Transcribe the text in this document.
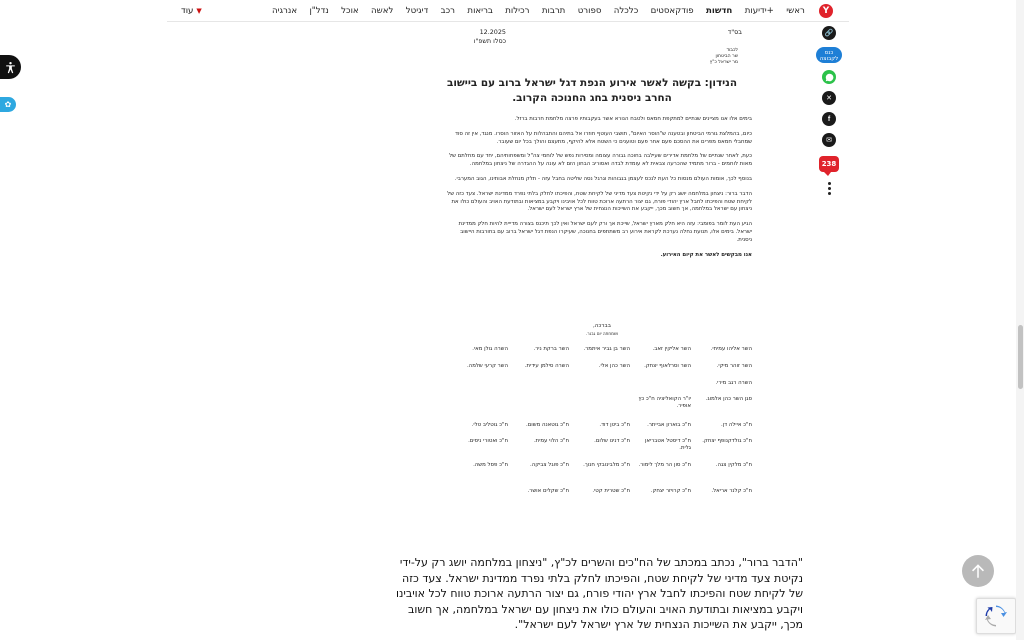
Y
ראשי
ידיעות+
חדשות
פודקאסטים
כלכלה
ספורט
תרבות
רכילות
בריאות
רכב
דיגיטל
לאשה
אוכל
נדל"ן
אנרגיה
עוד ▼
✿
🔗
כנס לקבוצה
✕
f
✉
238
12.2025
כסלו תשפ"ו
בס"ד
לכבוד
שר הביטחון
מר ישראל כ"ץ
הנידון: בקשה לאשר אירוע הנפת דגל ישראל ברוב עם ביישוב
החרב ניסנית בחג החנוכה הקרוב.

בימים אלו אנו מציינים שנתיים למתקפת חמאס ולטבח הנורא אשר בעקבותיו פרצה מלחמת חרבות ברזל.

כיום, בהמלצת גורמי הביטחון ובטענה ש"הוסר האיום", תושבי העוטף חוזרו אל בתיהם והתבהלות על האזור הוסרו. מנגד, אין זה סוד שמחבלי חמאס מפרים את ההסכם פעם אחר פעם וטוענים כי השטח אלא להיקף, מתעצם והולך בכל יום שעובר.

כעת, לאחר שנתיים של מלחמת אדירים שעילבה בחוכה גבורה עצומה ומסירות נפש של לוחמי צה"ל ומשפחותיהם, יחד עם מחלתם של מאות לוחמים - ברור מתמיד שהכרעה צבאית לא עומדת לבדה ואסוריב הבחון הזם לא עונה על ההגדרה של ניצחון במלחמה.

בנוסף לכך, אומות העולם מנסות כל העת לנכס לעצמן בגבוהות וגרגל נסה שליטה בחבל עזה - תלק מנחלת אבותינו, הגוב המערבי.

הדבר ברור: ניצחון במלחמה יושג רק על ידי נקיטת צעד מדיני של לקיחת שטח, והפיכתו לחלק בלתי נפרד ממדינת ישראל. צעד כזה של לקיחת שטח והפיכתו לחבל ארץ יהודי פורח, גם יצור הרתעה ארוכת טווח לכל אויבינו ויקבע במציאות ובתודעת האויב והעולם כולו את ניצחון עם ישראל במלחמה, אך חשוב מכך, ייקבע את השייכות הנצחית של ארץ ישראל לעם ישראל.

הגיע העת לומר בפומבי: עזה היא חלק מארץ ישראל, שייכת אך ורק לעם ישראל ואין לכך תיכנס בצורה מדייית להיות חלק ממדינת ישראל. בימים אלו, תנועת נחלה נערכת לקראת אירוע רב משתתפים בחנוכה, שעיקרו הנפת דגל ישראל ברוב עם בחורבות היישוב ניסנית.

אנו מבקשים לאשר את קיום האירוע.

בברכה,
ושמחתה יום גבנר.
השר אליהו עמיחי.
השר אליקין זאב.
השר בן גביר איתמר.
השר ברקת ניר.
השרה גולן מאי.
השר זוהר מיקי.
השר וסרלאוף יצחק.
השר כהן אלי.
השרה סילמן עידית.
השר קרעי שלמה.
השרה רגב מירי.
סגן השר כהן אלמוג.
יו"ר הקואליציה ח"כ כץ אופיר.
ח"כ איילה דן.
ח"כ בוארון אבייתר.
ח"כ ביטן דוד.
ח"כ גוטאנה משום.
ח"כ גוטליב טלי.
ח"כ גולדקנופף יצחק.
ח"כ דיסטל אטבריאן גלית.
ח"כ דנינו שלום.
ח"כ הלוי עמית.
ח"כ ואטורי ניסים.
ח"כ מלקין צגה.
ח"כ סון הר מלך לימור.
ח"כ מלבינובקי חנוך.
ח"כ פוגל צביקה.
ח"כ פסל משה.
ח"כ קלנר אריאל.
ח"כ קרויזר יצחק.
ח"כ שטרית קטי.
ח"כ שקלים אושר.
"הדבר ברור", נכתב במכתב של הח"כים והשרים לכ"ץ, "ניצחון במלחמה יושג רק על-ידי נקיטת צעד מדיני של לקיחת שטח, והפיכתו לחלק בלתי נפרד ממדינת ישראל. צעד כזה של לקיחת שטח והפיכתו לחבל ארץ יהודי פורח, גם יצור הרתעה ארוכת טווח לכל אויבינו ויקבע במציאות ובתודעת האויב והעולם כולו את ניצחון עם ישראל במלחמה, אך חשוב מכך, ייקבע את השייכות הנצחית של ארץ ישראל לעם ישראל".
